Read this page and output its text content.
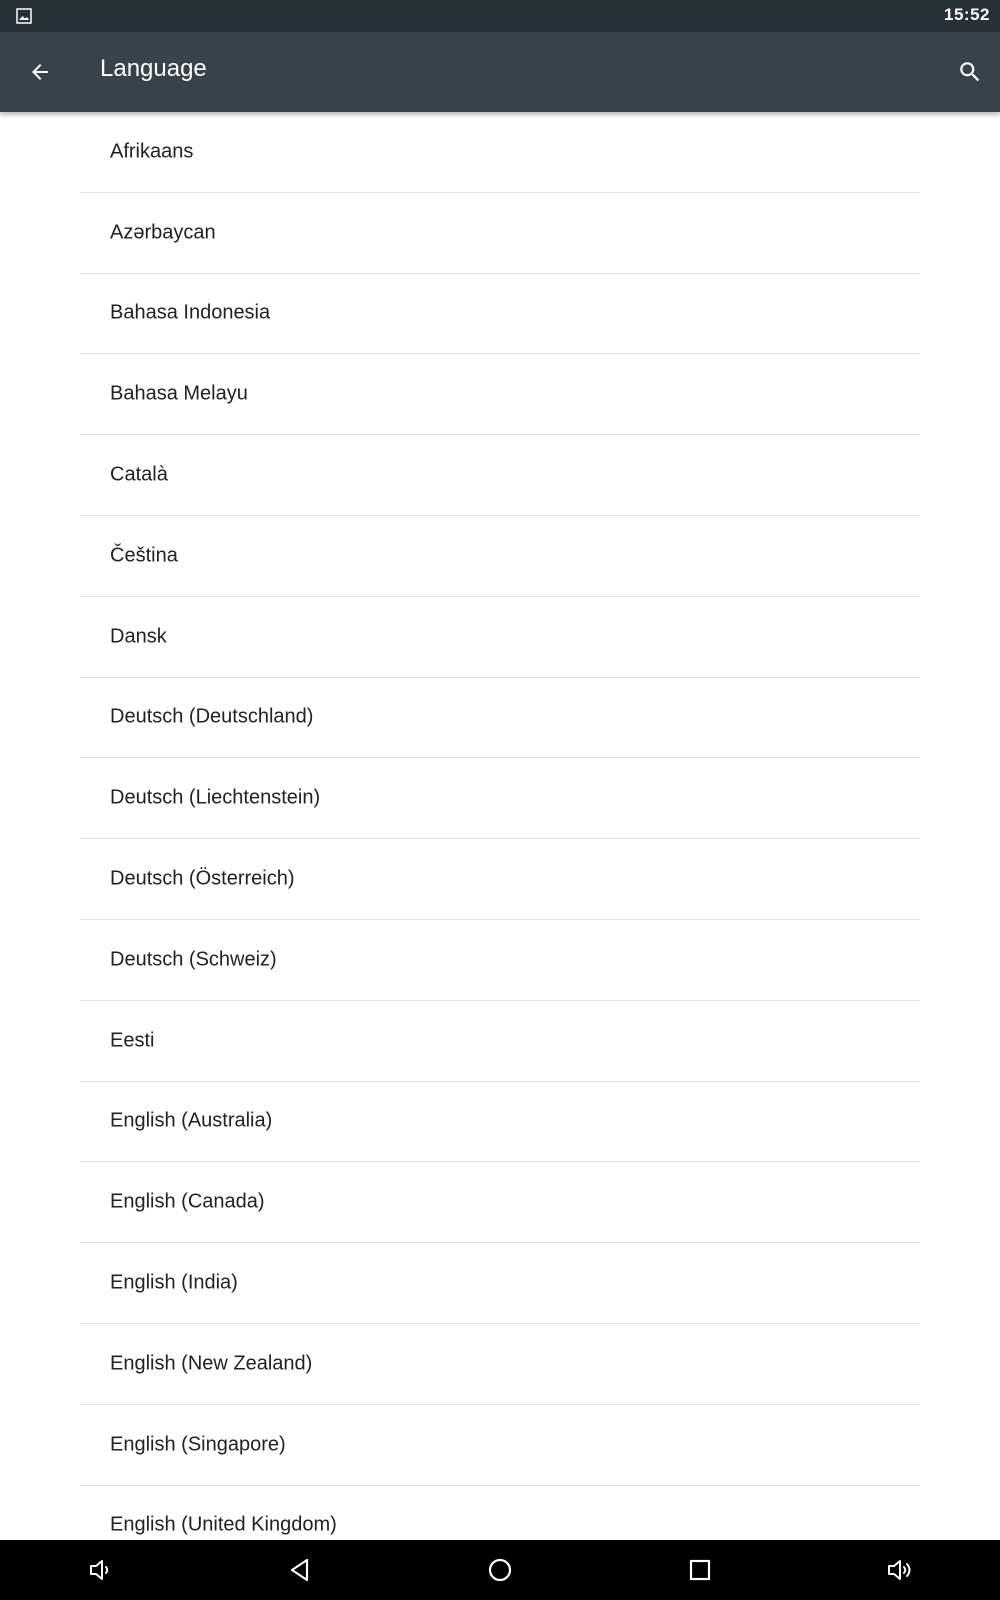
15:52
Language
Afrikaans
Azərbaycan
Bahasa Indonesia
Bahasa Melayu
Català
Čeština
Dansk
Deutsch (Deutschland)
Deutsch (Liechtenstein)
Deutsch (Österreich)
Deutsch (Schweiz)
Eesti
English (Australia)
English (Canada)
English (India)
English (New Zealand)
English (Singapore)
English (United Kingdom)
